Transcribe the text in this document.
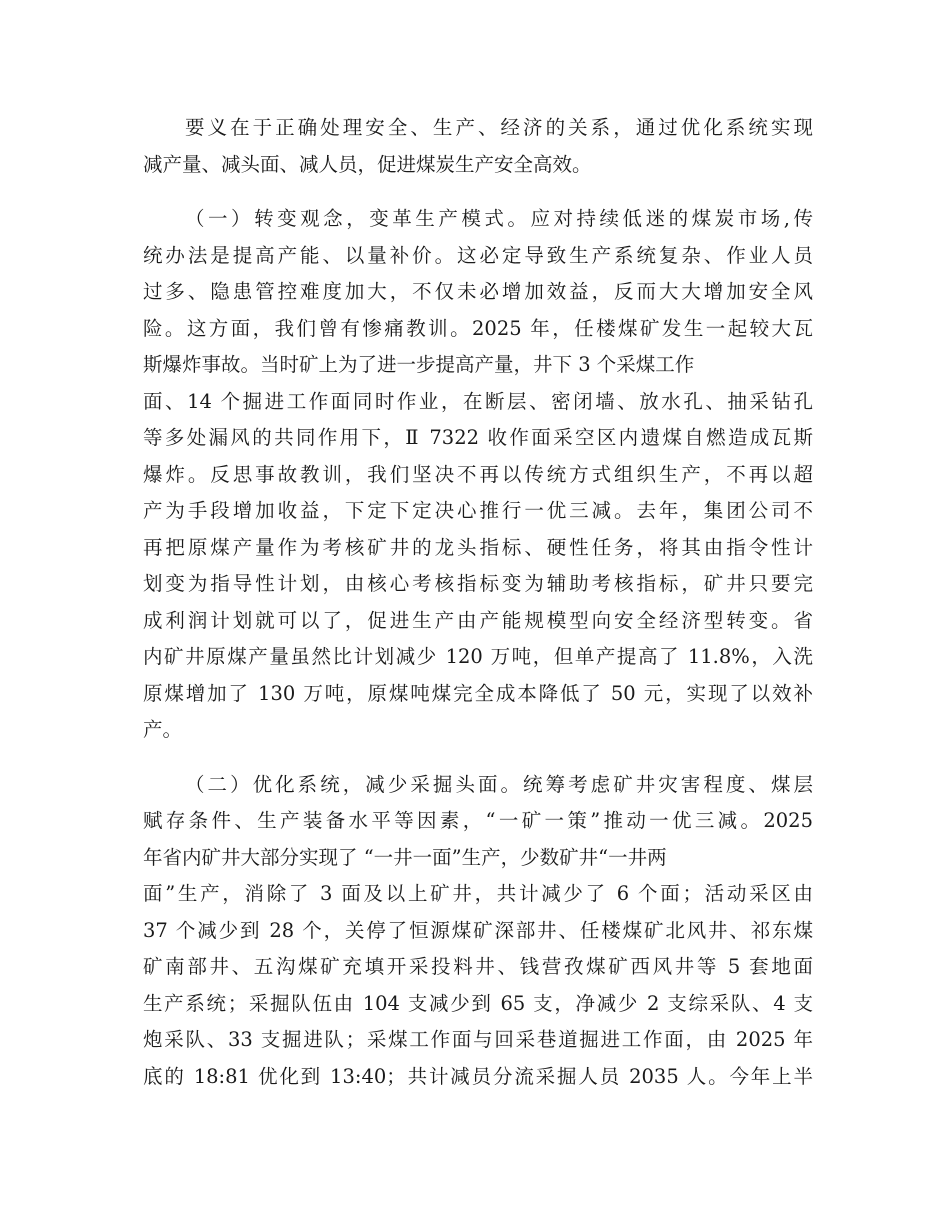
要义在于正确处理安全、生产、经济的关系，通过优化系统实现
减产量、减头面、减人员，促进煤炭生产安全高效。
（一）转变观念，变革生产模式。应对持续低迷的煤炭市场,传
统办法是提高产能、以量补价。这必定导致生产系统复杂、作业人员
过多、隐患管控难度加大，不仅未必增加效益，反而大大增加安全风
险。这方面，我们曾有惨痛教训。2025 年，任楼煤矿发生一起较大瓦
斯爆炸事故。当时矿上为了进一步提高产量，井下 3 个采煤工作
面、14 个掘进工作面同时作业，在断层、密闭墙、放水孔、抽采钻孔
等多处漏风的共同作用下，Ⅱ 7322 收作面采空区内遗煤自燃造成瓦斯
爆炸。反思事故教训，我们坚决不再以传统方式组织生产，不再以超
产为手段增加收益，下定下定决心推行一优三减。去年，集团公司不
再把原煤产量作为考核矿井的龙头指标、硬性任务，将其由指令性计
划变为指导性计划，由核心考核指标变为辅助考核指标，矿井只要完
成利润计划就可以了，促进生产由产能规模型向安全经济型转变。省
内矿井原煤产量虽然比计划减少 120 万吨，但单产提高了 11.8%，入洗
原煤增加了 130 万吨，原煤吨煤完全成本降低了 50 元，实现了以效补
产。
（二）优化系统，减少采掘头面。统筹考虑矿井灾害程度、煤层
赋存条件、生产装备水平等因素，“一矿一策”推动一优三减。2025
年省内矿井大部分实现了 “一井一面”生产，少数矿井“一井两
面”生产，消除了 3 面及以上矿井，共计减少了 6 个面；活动采区由
37 个减少到 28 个，关停了恒源煤矿深部井、任楼煤矿北风井、祁东煤
矿南部井、五沟煤矿充填开采投料井、钱营孜煤矿西风井等 5 套地面
生产系统；采掘队伍由 104 支减少到 65 支，净减少 2 支综采队、4 支
炮采队、33 支掘进队；采煤工作面与回采巷道掘进工作面，由 2025 年
底的 18:81 优化到 13:40；共计减员分流采掘人员 2035 人。今年上半
